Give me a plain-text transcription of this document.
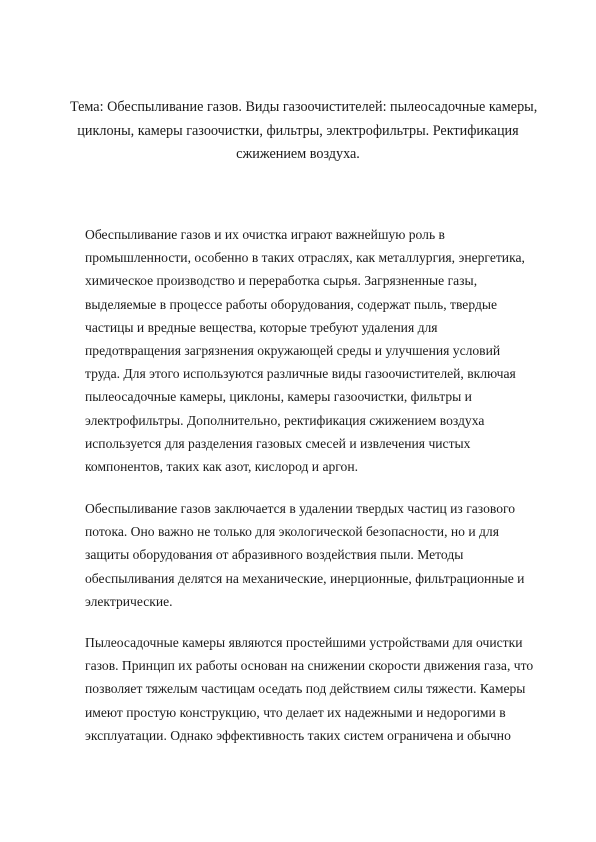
Тема: Обеспыливание газов. Виды газоочистителей: пылеосадочные камеры,
циклоны, камеры газоочистки, фильтры, электрофильтры. Ректификация
сжижением воздуха.
Обеспыливание газов и их очистка играют важнейшую роль в
промышленности, особенно в таких отраслях, как металлургия, энергетика,
химическое производство и переработка сырья. Загрязненные газы,
выделяемые в процессе работы оборудования, содержат пыль, твердые
частицы и вредные вещества, которые требуют удаления для
предотвращения загрязнения окружающей среды и улучшения условий
труда. Для этого используются различные виды газоочистителей, включая
пылеосадочные камеры, циклоны, камеры газоочистки, фильтры и
электрофильтры. Дополнительно, ректификация сжижением воздуха
используется для разделения газовых смесей и извлечения чистых
компонентов, таких как азот, кислород и аргон.
Обеспыливание газов заключается в удалении твердых частиц из газового
потока. Оно важно не только для экологической безопасности, но и для
защиты оборудования от абразивного воздействия пыли. Методы
обеспыливания делятся на механические, инерционные, фильтрационные и
электрические.
Пылеосадочные камеры являются простейшими устройствами для очистки
газов. Принцип их работы основан на снижении скорости движения газа, что
позволяет тяжелым частицам оседать под действием силы тяжести. Камеры
имеют простую конструкцию, что делает их надежными и недорогими в
эксплуатации. Однако эффективность таких систем ограничена и обычно
